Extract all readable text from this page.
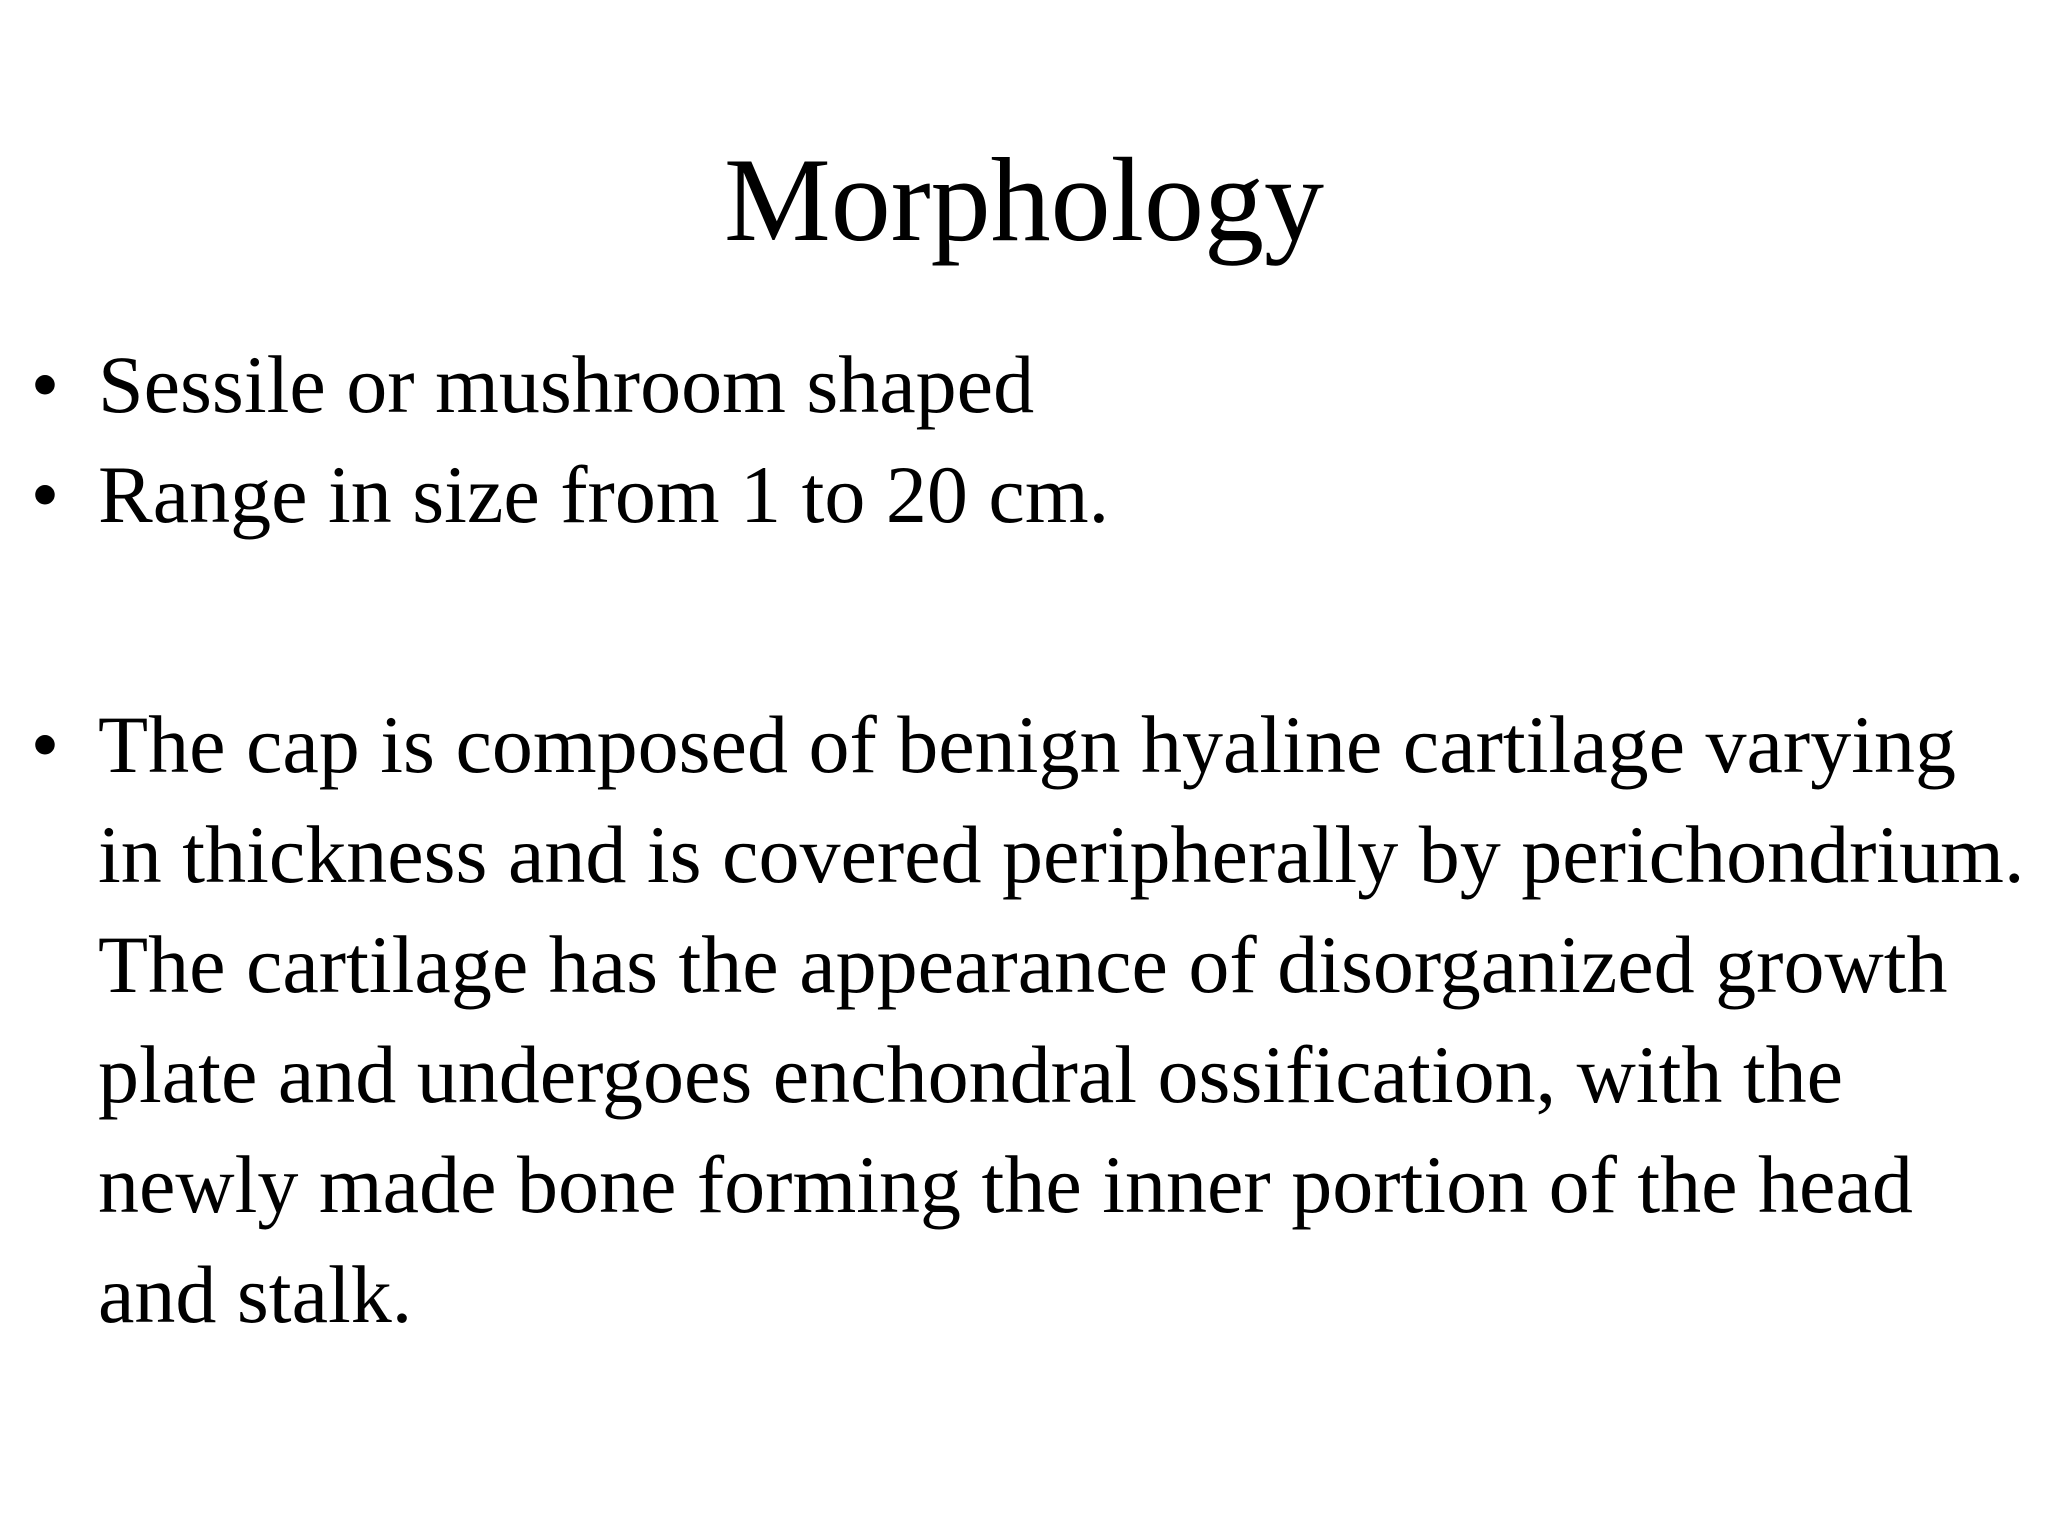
Morphology
• Sessile or mushroom shaped
• Range in size from 1 to 20 cm.
• The cap is composed of benign hyaline cartilage varying in thickness and is covered peripherally by perichondrium. The cartilage has the appearance of disorganized growth plate and undergoes enchondral ossification, with the newly made bone forming the inner portion of the head and stalk.
